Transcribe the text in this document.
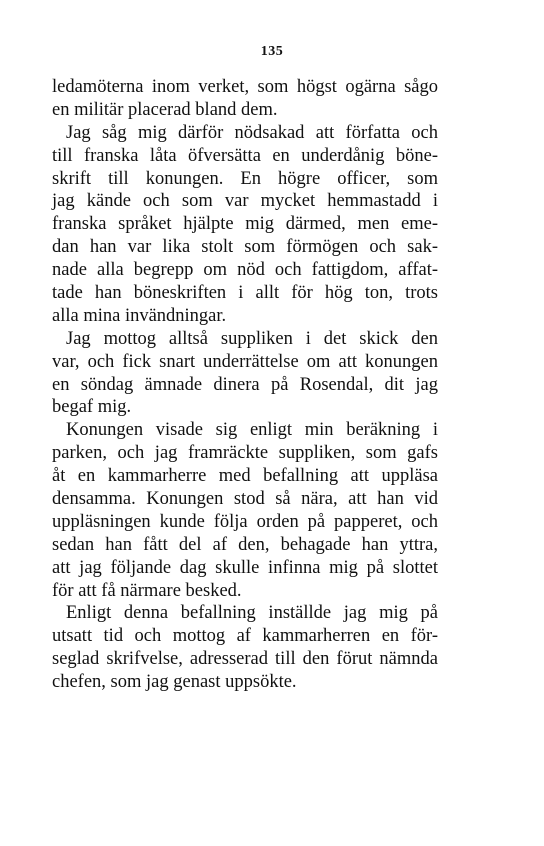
135
ledamöterna inom verket, som högst ogärna sågo
en militär placerad bland dem.
Jag såg mig därför nödsakad att författa och
till franska låta öfversätta en underdånig böne-
skrift till konungen. En högre officer, som
jag kände och som var mycket hemmastadd i
franska språket hjälpte mig därmed, men eme-
dan han var lika stolt som förmögen och sak-
nade alla begrepp om nöd och fattigdom, affat-
tade han böneskriften i allt för hög ton, trots
alla mina invändningar.
Jag mottog alltså suppliken i det skick den
var, och fick snart underrättelse om att konungen
en söndag ämnade dinera på Rosendal, dit jag
begaf mig.
Konungen visade sig enligt min beräkning i
parken, och jag framräckte suppliken, som gafs
åt en kammarherre med befallning att uppläsa
densamma. Konungen stod så nära, att han vid
uppläsningen kunde följa orden på papperet, och
sedan han fått del af den, behagade han yttra,
att jag följande dag skulle infinna mig på slottet
för att få närmare besked.
Enligt denna befallning inställde jag mig på
utsatt tid och mottog af kammarherren en för-
seglad skrifvelse, adresserad till den förut nämnda
chefen, som jag genast uppsökte.
